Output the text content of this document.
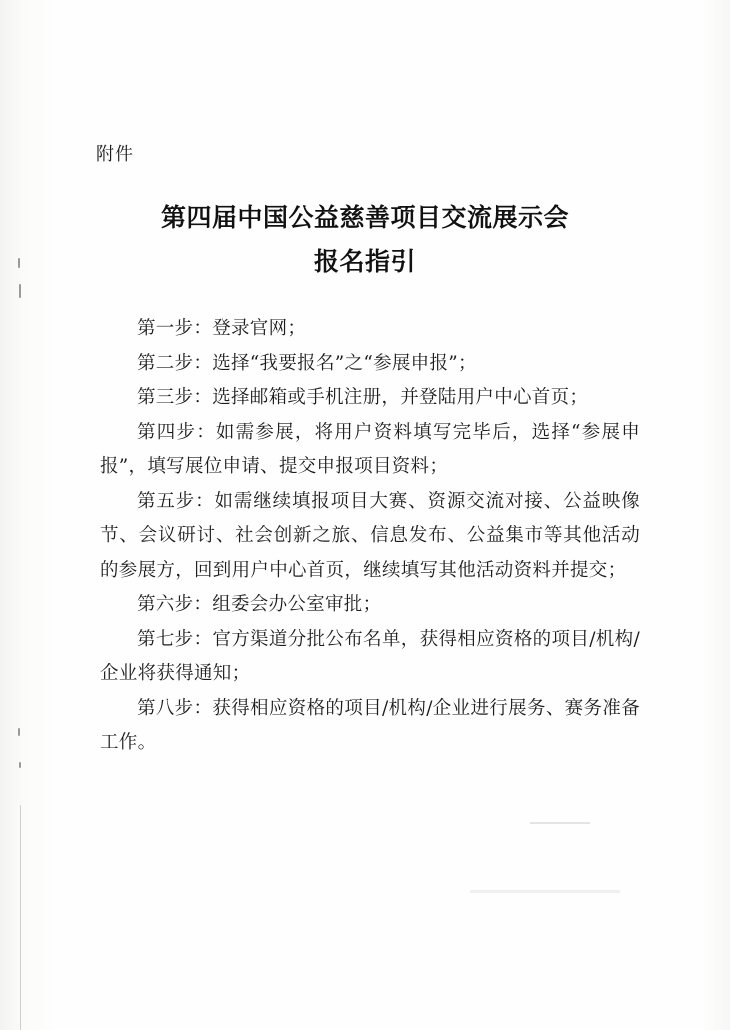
附件
第四届中国公益慈善项目交流展示会
报名指引

第一步：登录官网；

第二步：选择“我要报名”之“参展申报”；

第三步：选择邮箱或手机注册，并登陆用户中心首页；

第四步：如需参展，将用户资料填写完毕后，选择“参展申报”，填写展位申请、提交申报项目资料；

第五步：如需继续填报项目大赛、资源交流对接、公益映像节、会议研讨、社会创新之旅、信息发布、公益集市等其他活动的参展方，回到用户中心首页，继续填写其他活动资料并提交；

第六步：组委会办公室审批；

第七步：官方渠道分批公布名单，获得相应资格的项目/机构/企业将获得通知；

第八步：获得相应资格的项目/机构/企业进行展务、赛务准备工作。
